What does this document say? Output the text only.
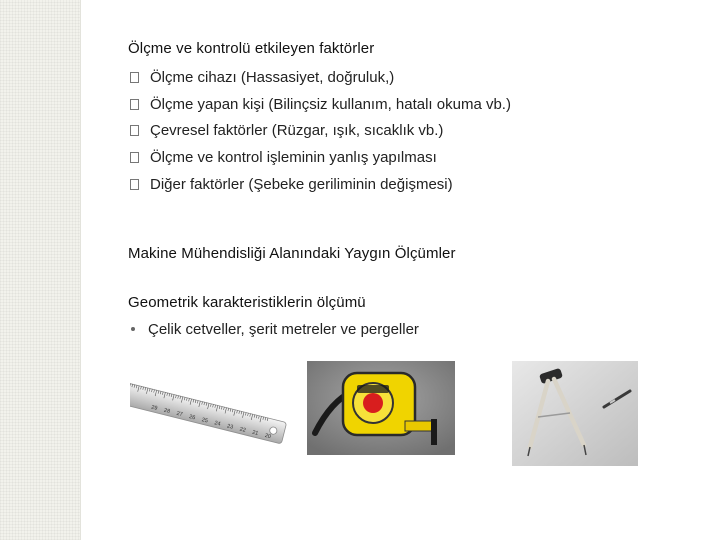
Ölçme ve kontrolü etkileyen faktörler
Ölçme cihazı (Hassasiyet, doğruluk,)
Ölçme yapan kişi (Bilinçsiz kullanım, hatalı okuma vb.)
Çevresel faktörler (Rüzgar, ışık, sıcaklık vb.)
Ölçme ve kontrol işleminin yanlış yapılması
Diğer faktörler (Şebeke geriliminin değişmesi)
Makine Mühendisliği Alanındaki Yaygın Ölçümler
Geometrik karakteristiklerin ölçümü
Çelik cetveller, şerit metreler ve pergeller
29 28 27 26 25 24 23 22 21 20
